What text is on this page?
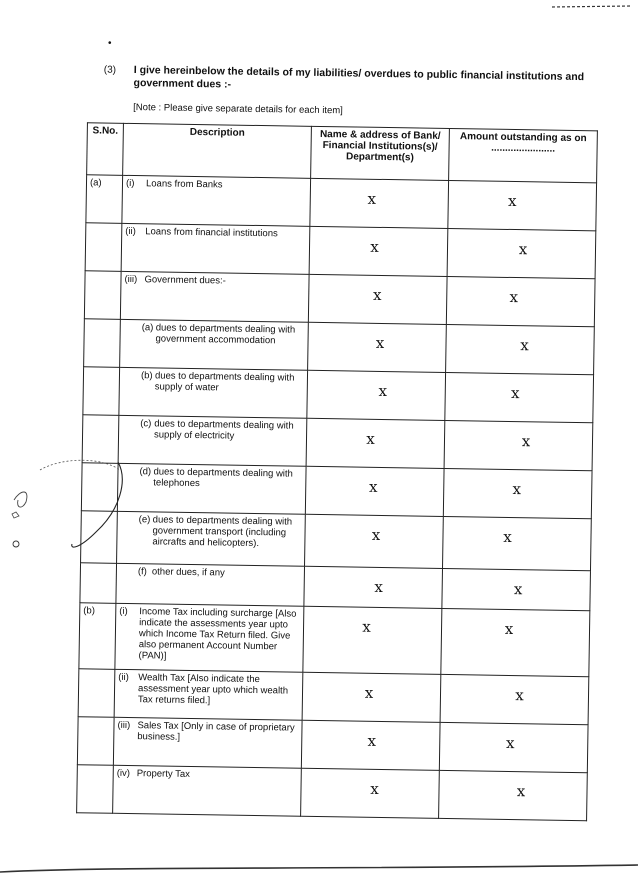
•
(3) I give hereinbelow the details of my liabilities/ overdues to public financial institutions and government dues :-
[Note : Please give separate details for each item]
S.No.	Description	Name & address of Bank/ Financial Institutions(s)/ Department(s)	Amount outstanding as on .......................
(a)	(i) Loans from Banks	x	x

	(ii) Loans from financial institutions	x	x

	(iii) Government dues:-	x	x

	(a) dues to departments dealing with government accommodation	x	x

	(b) dues to departments dealing with supply of water	x	x

	(c) dues to departments dealing with supply of electricity	x	x

	(d) dues to departments dealing with telephones	x	x

	(e) dues to departments dealing with government transport (including aircrafts and helicopters).	x	x

	(f) other dues, if any	x	x

(b)	(i) Income Tax including surcharge [Also indicate the assessments year upto which Income Tax Return filed. Give also permanent Account Number (PAN)]	x	x

	(ii) Wealth Tax [Also indicate the assessment year upto which wealth Tax returns filed.]	x	x

	(iii) Sales Tax [Only in case of proprietary business.]	x	x

	(iv) Property Tax	x	x
